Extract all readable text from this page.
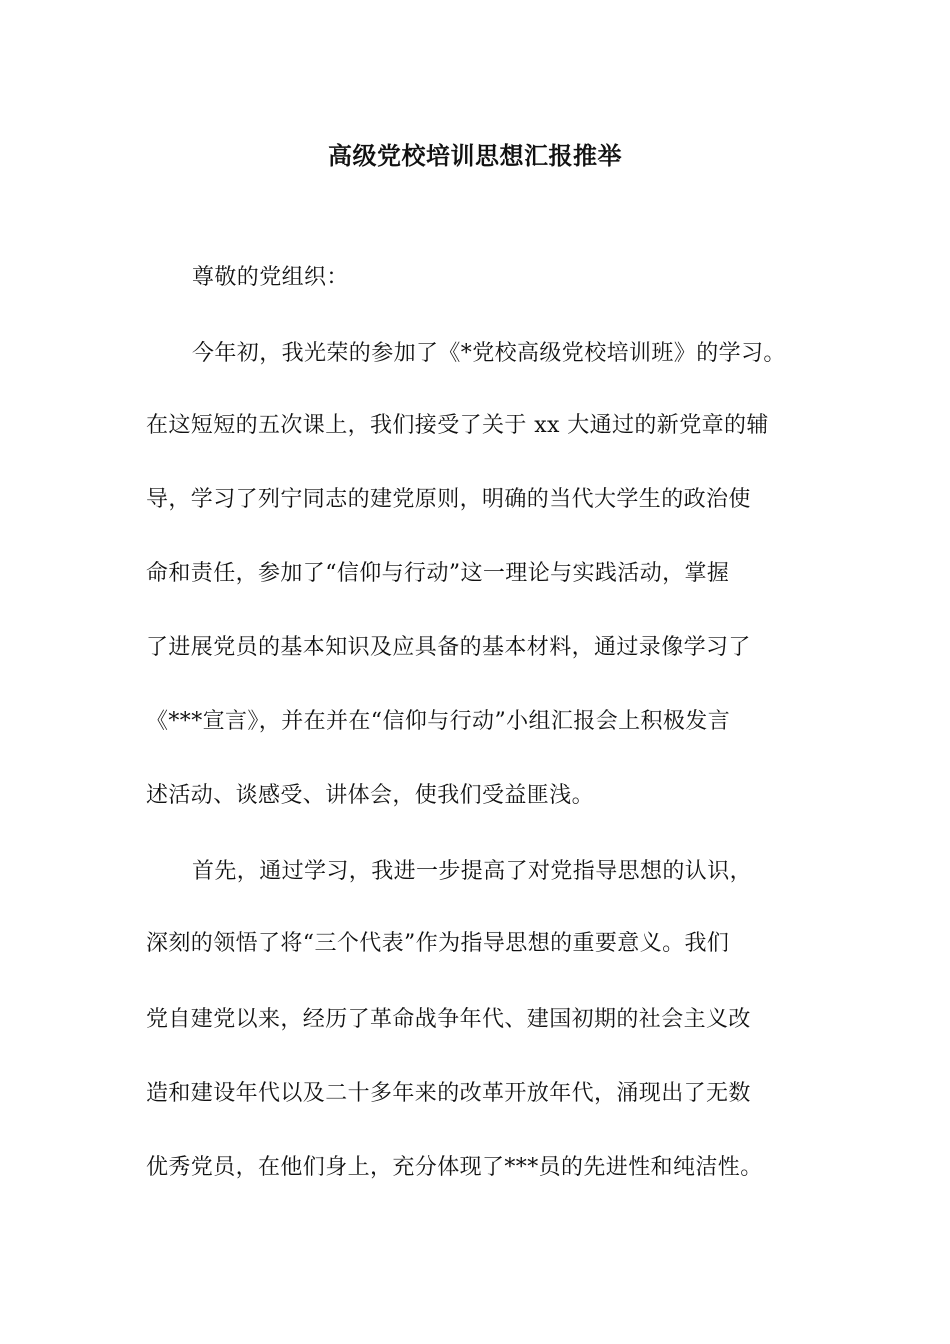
高级党校培训思想汇报推举
尊敬的党组织：
今年初，我光荣的参加了《*党校高级党校培训班》的学习。
在这短短的五次课上，我们接受了关于 xx 大通过的新党章的辅
导，学习了列宁同志的建党原则，明确的当代大学生的政治使
命和责任，参加了“信仰与行动”这一理论与实践活动，掌握
了进展党员的基本知识及应具备的基本材料，通过录像学习了
《***宣言》，并在并在“信仰与行动”小组汇报会上积极发言
述活动、谈感受、讲体会，使我们受益匪浅。
首先，通过学习，我进一步提高了对党指导思想的认识，
深刻的领悟了将“三个代表”作为指导思想的重要意义。我们
党自建党以来，经历了革命战争年代、建国初期的社会主义改
造和建设年代以及二十多年来的改革开放年代，涌现出了无数
优秀党员，在他们身上，充分体现了***员的先进性和纯洁性。
